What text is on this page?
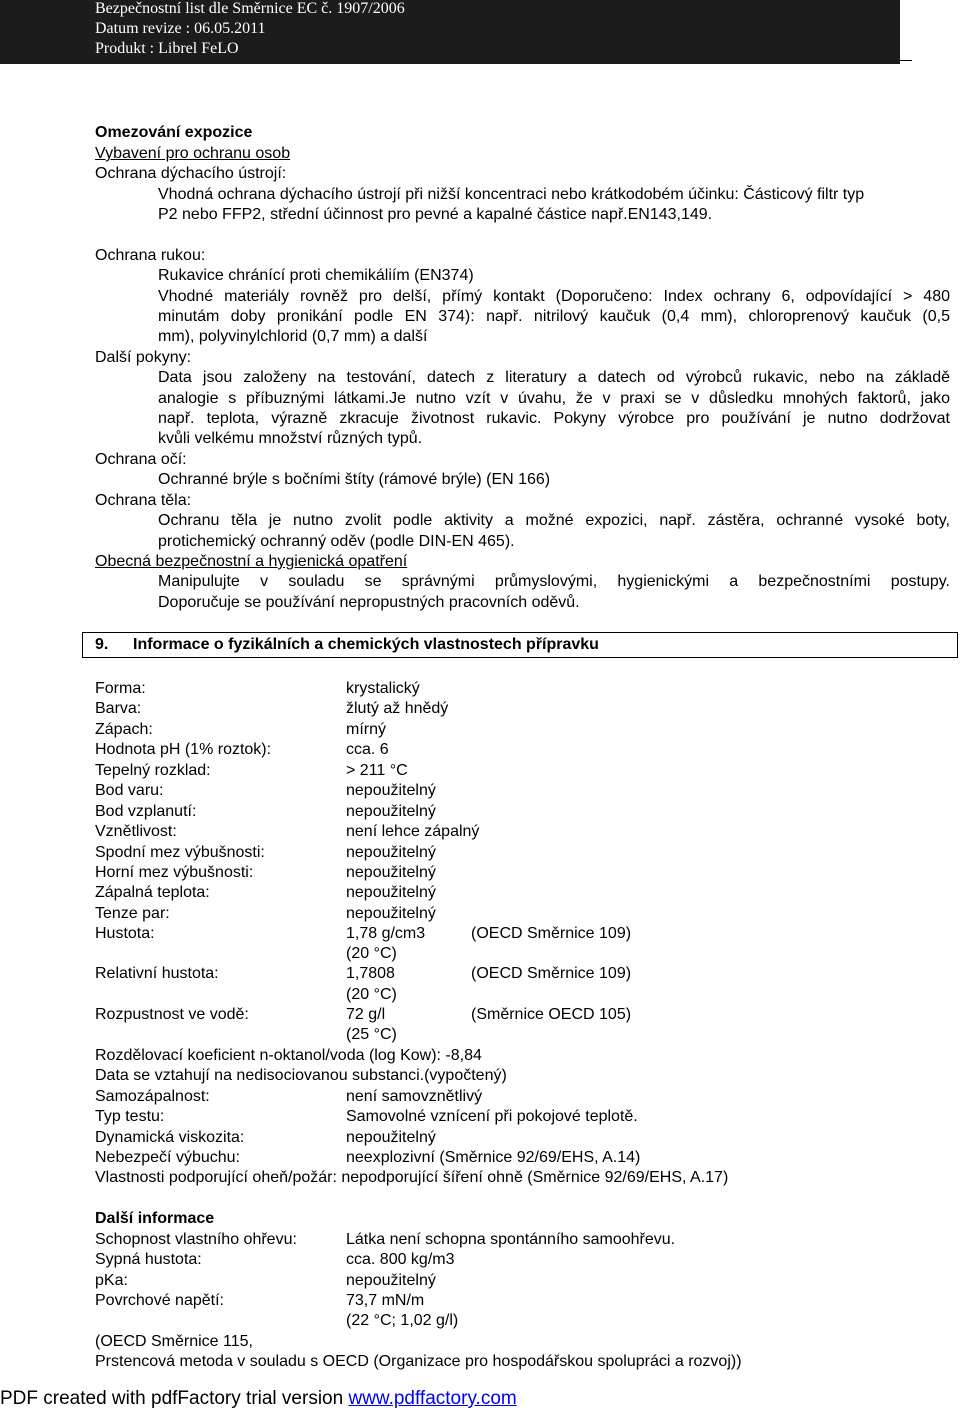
Bezpečnostní list dle Směrnice EC č. 1907/2006
Datum revize : 06.05.2011
Produkt : Librel FeLO
Omezování expozice
Vybavení pro ochranu osob
Ochrana dýchacího ústrojí:
Vhodná ochrana dýchacího ústrojí při nižší koncentraci nebo krátkodobém účinku: Částicový filtr typ
P2 nebo FFP2, střední účinnost pro pevné a kapalné částice např.EN143,149.
Ochrana rukou:
Rukavice chránící proti chemikáliím (EN374)
Vhodné materiály rovněž pro delší, přímý kontakt (Doporučeno: Index ochrany 6, odpovídající > 480
minutám doby pronikání podle EN 374): např. nitrilový kaučuk (0,4 mm), chloroprenový kaučuk (0,5
mm), polyvinylchlorid (0,7 mm) a další
Další pokyny:
Data jsou založeny na testování, datech z literatury a datech od výrobců rukavic, nebo na základě
analogie s příbuznými látkami.Je nutno vzít v úvahu, že v praxi se v důsledku mnohých faktorů, jako
např. teplota, výrazně zkracuje životnost rukavic. Pokyny výrobce pro používání je nutno dodržovat
kvůli velkému množství různých typů.
Ochrana očí:
Ochranné brýle s bočními štíty (rámové brýle) (EN 166)
Ochrana těla:
Ochranu těla je nutno zvolit podle aktivity a možné expozici, např. zástěra, ochranné vysoké boty,
protichemický ochranný oděv (podle DIN-EN 465).
Obecná bezpečnostní a hygienická opatření
Manipulujte v souladu se správnými průmyslovými, hygienickými a bezpečnostními postupy.
Doporučuje se používání nepropustných pracovních oděvů.
9. Informace o fyzikálních a chemických vlastnostech přípravku
Forma:	krystalický
Barva:	žlutý až hnědý
Zápach:	mírný
Hodnota pH (1% roztok):	cca. 6
Tepelný rozklad:	> 211 °C
Bod varu:	nepoužitelný
Bod vzplanutí:	nepoužitelný
Vznětlivost:	není lehce zápalný
Spodní mez výbušnosti:	nepoužitelný
Horní mez výbušnosti:	nepoužitelný
Zápalná teplota:	nepoužitelný
Tenze par:	nepoužitelný
Hustota:	1,78 g/cm3	(OECD Směrnice 109)
(20 °C)
Relativní hustota:	1,7808	(OECD Směrnice 109)
(20 °C)
Rozpustnost ve vodě:	72 g/l	(Směrnice OECD 105)
(25 °C)
Rozdělovací koeficient n-oktanol/voda (log Kow): -8,84
Data se vztahují na nedisociovanou substanci.(vypočtený)
Samozápalnost:	není samovznětlivý
Typ testu:	Samovolné vznícení při pokojové teplotě.
Dynamická viskozita:	nepoužitelný
Nebezpečí výbuchu:	neexplozivní (Směrnice 92/69/EHS, A.14)
Vlastnosti podporující oheň/požár: nepodporující šíření ohně (Směrnice 92/69/EHS, A.17)
Další informace
Schopnost vlastního ohřevu:	Látka není schopna spontánního samoohřevu.
Sypná hustota:	cca. 800 kg/m3
pKa:	nepoužitelný
Povrchové napětí:	73,7 mN/m
(22 °C; 1,02 g/l)
(OECD Směrnice 115,
Prstencová metoda v souladu s OECD (Organizace pro hospodářskou spolupráci a rozvoj))
PDF created with pdfFactory trial version www.pdffactory.com
